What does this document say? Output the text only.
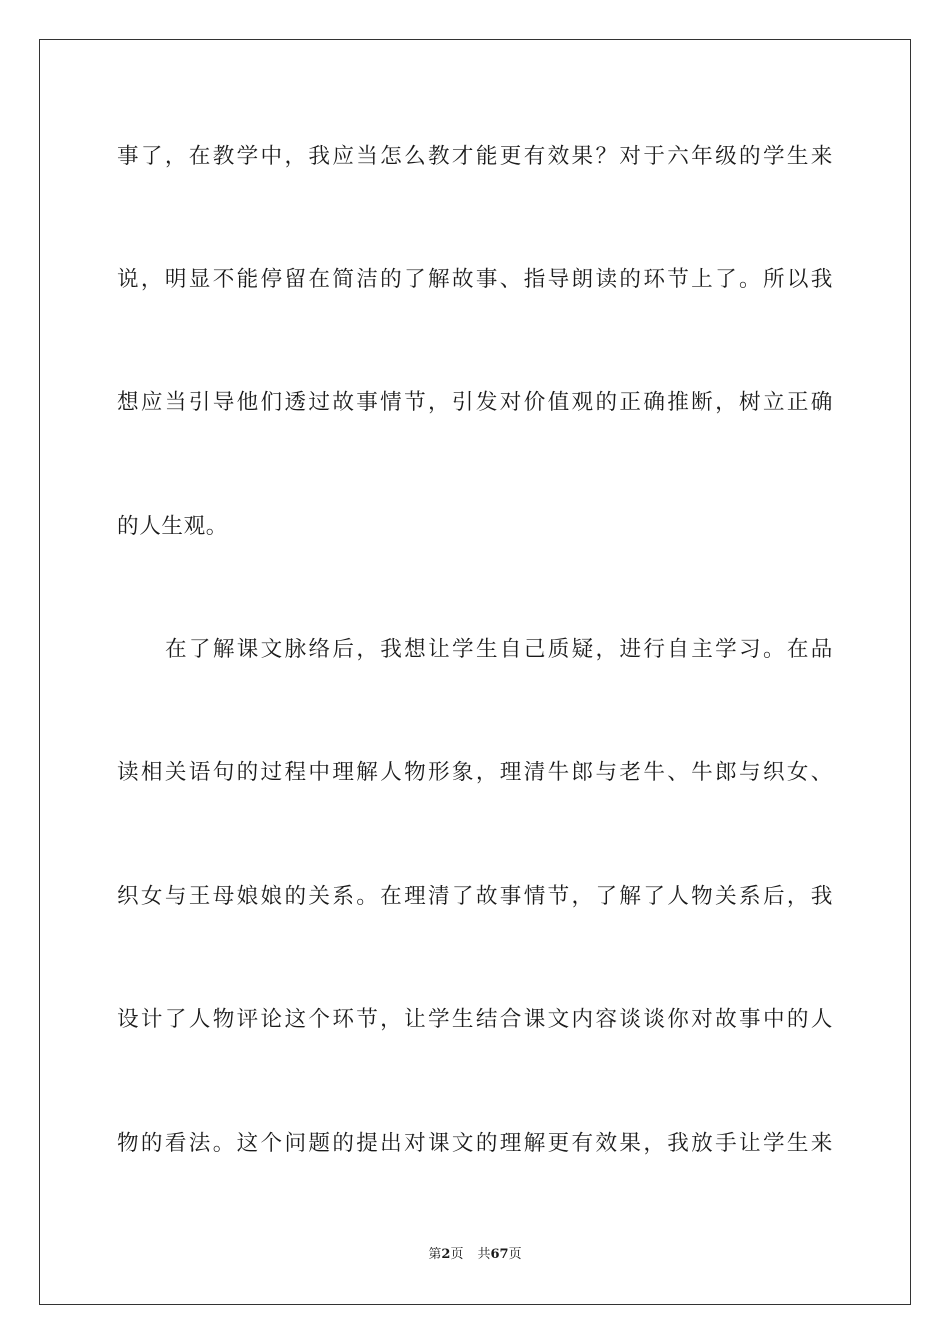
事了，在教学中，我应当怎么教才能更有效果？对于六年级的学生来
说，明显不能停留在简洁的了解故事、指导朗读的环节上了。所以我
想应当引导他们透过故事情节，引发对价值观的正确推断，树立正确
的人生观。
在了解课文脉络后，我想让学生自己质疑，进行自主学习。在品
读相关语句的过程中理解人物形象，理清牛郎与老牛、牛郎与织女、
织女与王母娘娘的关系。在理清了故事情节，了解了人物关系后，我
设计了人物评论这个环节，让学生结合课文内容谈谈你对故事中的人
物的看法。这个问题的提出对课文的理解更有效果，我放手让学生来
第2页 共67页
